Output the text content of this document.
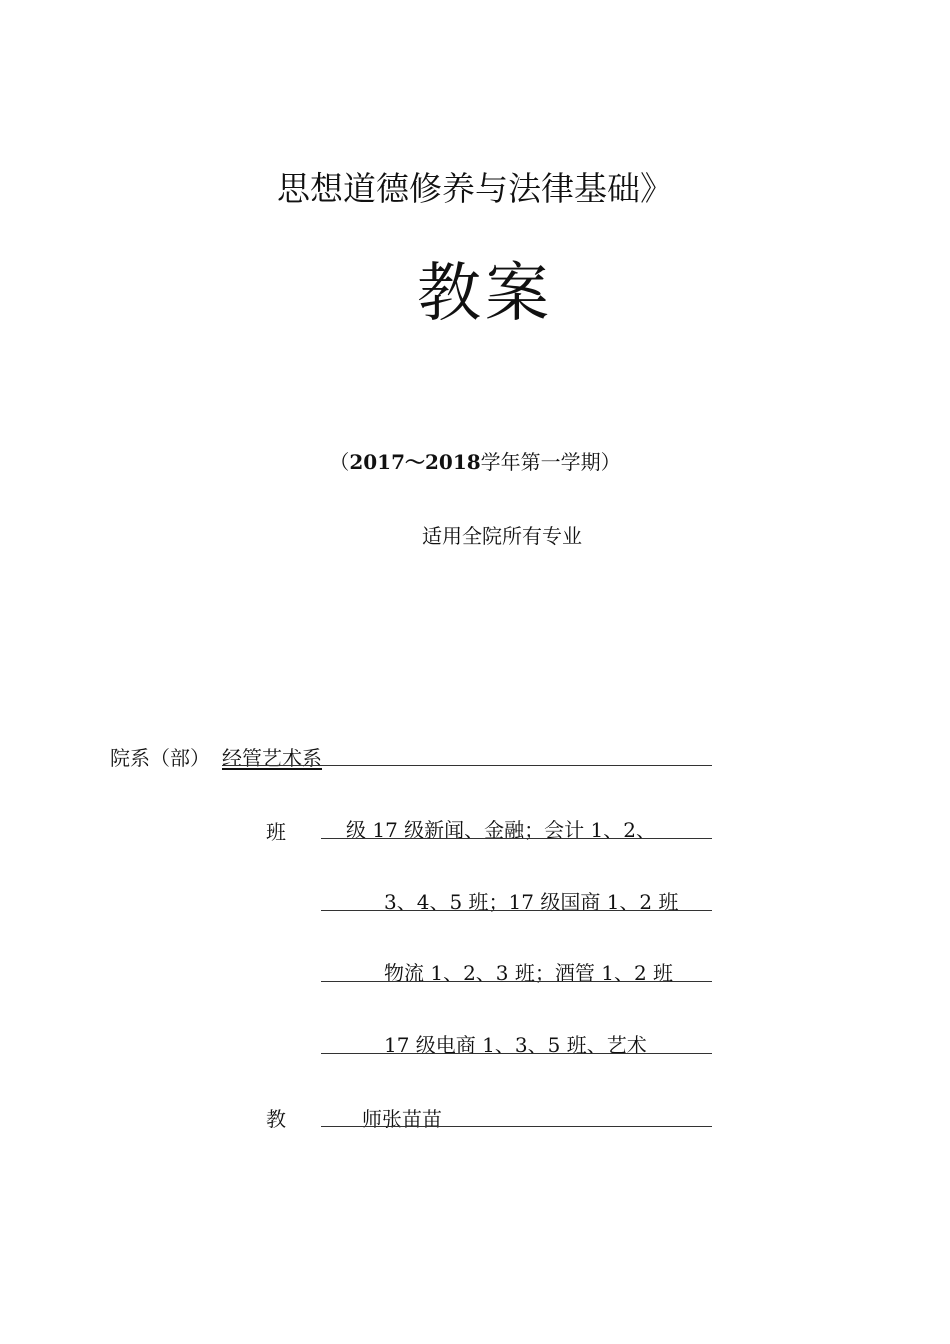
思想道德修养与法律基础》
教案
（2017～2018学年第一学期）
适用全院所有专业
院系（部） 经管艺术系
班	级 17 级新闻、金融；会计 1、2、
3、4、5 班；17 级国商 1、2 班
物流 1、2、3 班；酒管 1、2 班
17 级电商 1、3、5 班、艺术
教	师张苗苗
